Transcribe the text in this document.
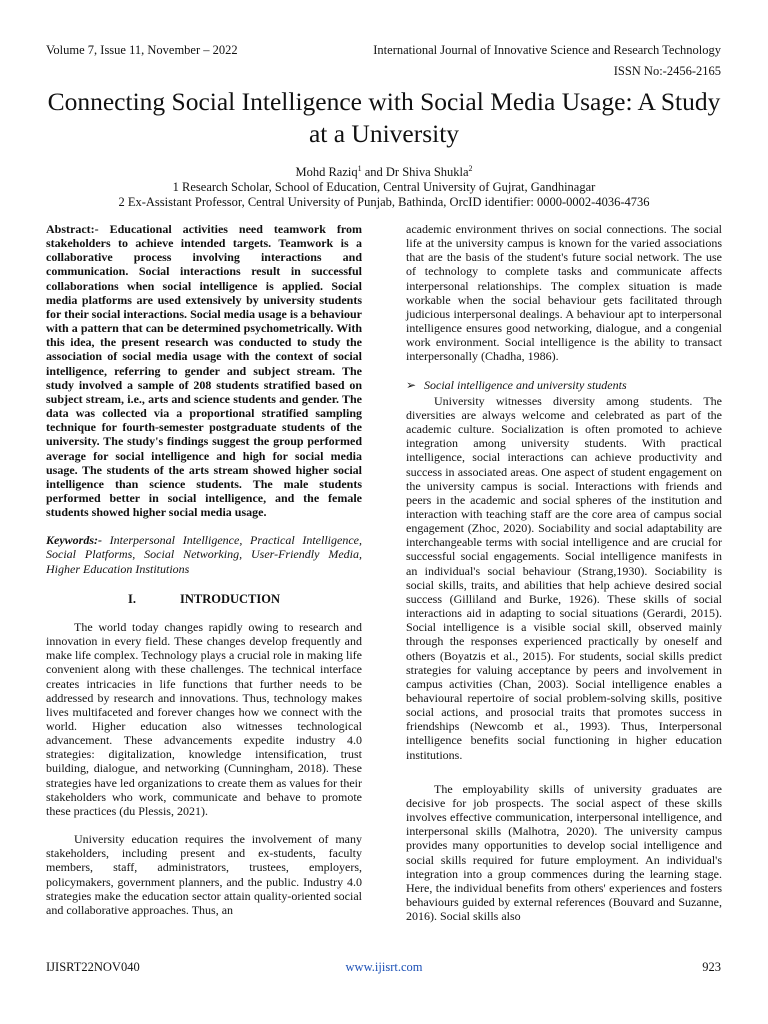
Volume 7, Issue 11, November – 2022	International Journal of Innovative Science and Research Technology
ISSN No:-2456-2165
Connecting Social Intelligence with Social Media Usage: A Study at a University
Mohd Raziq$^1$ and Dr Shiva Shukla$^2$
1 Research Scholar, School of Education, Central University of Gujrat, Gandhinagar
2 Ex-Assistant Professor, Central University of Punjab, Bathinda, OrcID identifier: 0000-0002-4036-4736

Abstract:- Educational activities need teamwork from stakeholders to achieve intended targets. Teamwork is a collaborative process involving interactions and communication. Social interactions result in successful collaborations when social intelligence is applied. Social media platforms are used extensively by university students for their social interactions. Social media usage is a behaviour with a pattern that can be determined psychometrically. With this idea, the present research was conducted to study the association of social media usage with the context of social intelligence, referring to gender and subject stream. The study involved a sample of 208 students stratified based on subject stream, i.e., arts and science students and gender. The data was collected via a proportional stratified sampling technique for fourth-semester postgraduate students of the university. The study's findings suggest the group performed average for social intelligence and high for social media usage. The students of the arts stream showed higher social intelligence than science students. The male students performed better in social intelligence, and the female students showed higher social media usage.

Keywords:- Interpersonal Intelligence, Practical Intelligence, Social Platforms, Social Networking, User-Friendly Media, Higher Education Institutions

I.	INTRODUCTION

The world today changes rapidly owing to research and innovation in every field. These changes develop frequently and make life complex. Technology plays a crucial role in making life convenient along with these challenges. The technical interface creates intricacies in life functions that further needs to be addressed by research and innovations. Thus, technology makes lives multifaceted and forever changes how we connect with the world. Higher education also witnesses technological advancement. These advancements expedite industry 4.0 strategies: digitalization, knowledge intensification, trust building, dialogue, and networking (Cunningham, 2018). These strategies have led organizations to create them as values for their stakeholders who work, communicate and behave to promote these practices (du Plessis, 2021).

University education requires the involvement of many stakeholders, including present and ex-students, faculty members, staff, administrators, trustees, employers, policymakers, government planners, and the public. Industry 4.0 strategies make the education sector attain quality-oriented social and collaborative approaches. Thus, an

academic environment thrives on social connections. The social life at the university campus is known for the varied associations that are the basis of the student's future social network. The use of technology to complete tasks and communicate affects interpersonal relationships. The complex situation is made workable when the social behaviour gets facilitated through judicious interpersonal dealings. A behaviour apt to interpersonal intelligence ensures good networking, dialogue, and a congenial work environment. Social intelligence is the ability to transact interpersonally (Chadha, 1986).

➢ Social intelligence and university students

University witnesses diversity among students. The diversities are always welcome and celebrated as part of the academic culture. Socialization is often promoted to achieve integration among university students. With practical intelligence, social interactions can achieve productivity and success in associated areas. One aspect of student engagement on the university campus is social. Interactions with friends and peers in the academic and social spheres of the institution and interaction with teaching staff are the core area of campus social engagement (Zhoc, 2020). Sociability and social adaptability are interchangeable terms with social intelligence and are crucial for successful social engagements. Social intelligence manifests in an individual's social behaviour (Strang,1930). Sociability is social skills, traits, and abilities that help achieve desired social success (Gilliland and Burke, 1926). These skills of social interactions aid in adapting to social situations (Gerardi, 2015). Social intelligence is a visible social skill, observed mainly through the responses experienced practically by oneself and others (Boyatzis et al., 2015). For students, social skills predict strategies for valuing acceptance by peers and involvement in campus activities (Chan, 2003). Social intelligence enables a behavioural repertoire of social problem-solving skills, positive social actions, and prosocial traits that promotes success in friendships (Newcomb et al., 1993). Thus, Interpersonal intelligence benefits social functioning in higher education institutions.

The employability skills of university graduates are decisive for job prospects. The social aspect of these skills involves effective communication, interpersonal intelligence, and interpersonal skills (Malhotra, 2020). The university campus provides many opportunities to develop social intelligence and social skills required for future employment. An individual's integration into a group commences during the learning stage. Here, the individual benefits from others' experiences and fosters behaviours guided by external references (Bouvard and Suzanne, 2016). Social skills also

IJISRT22NOV040	www.ijisrt.com	923
